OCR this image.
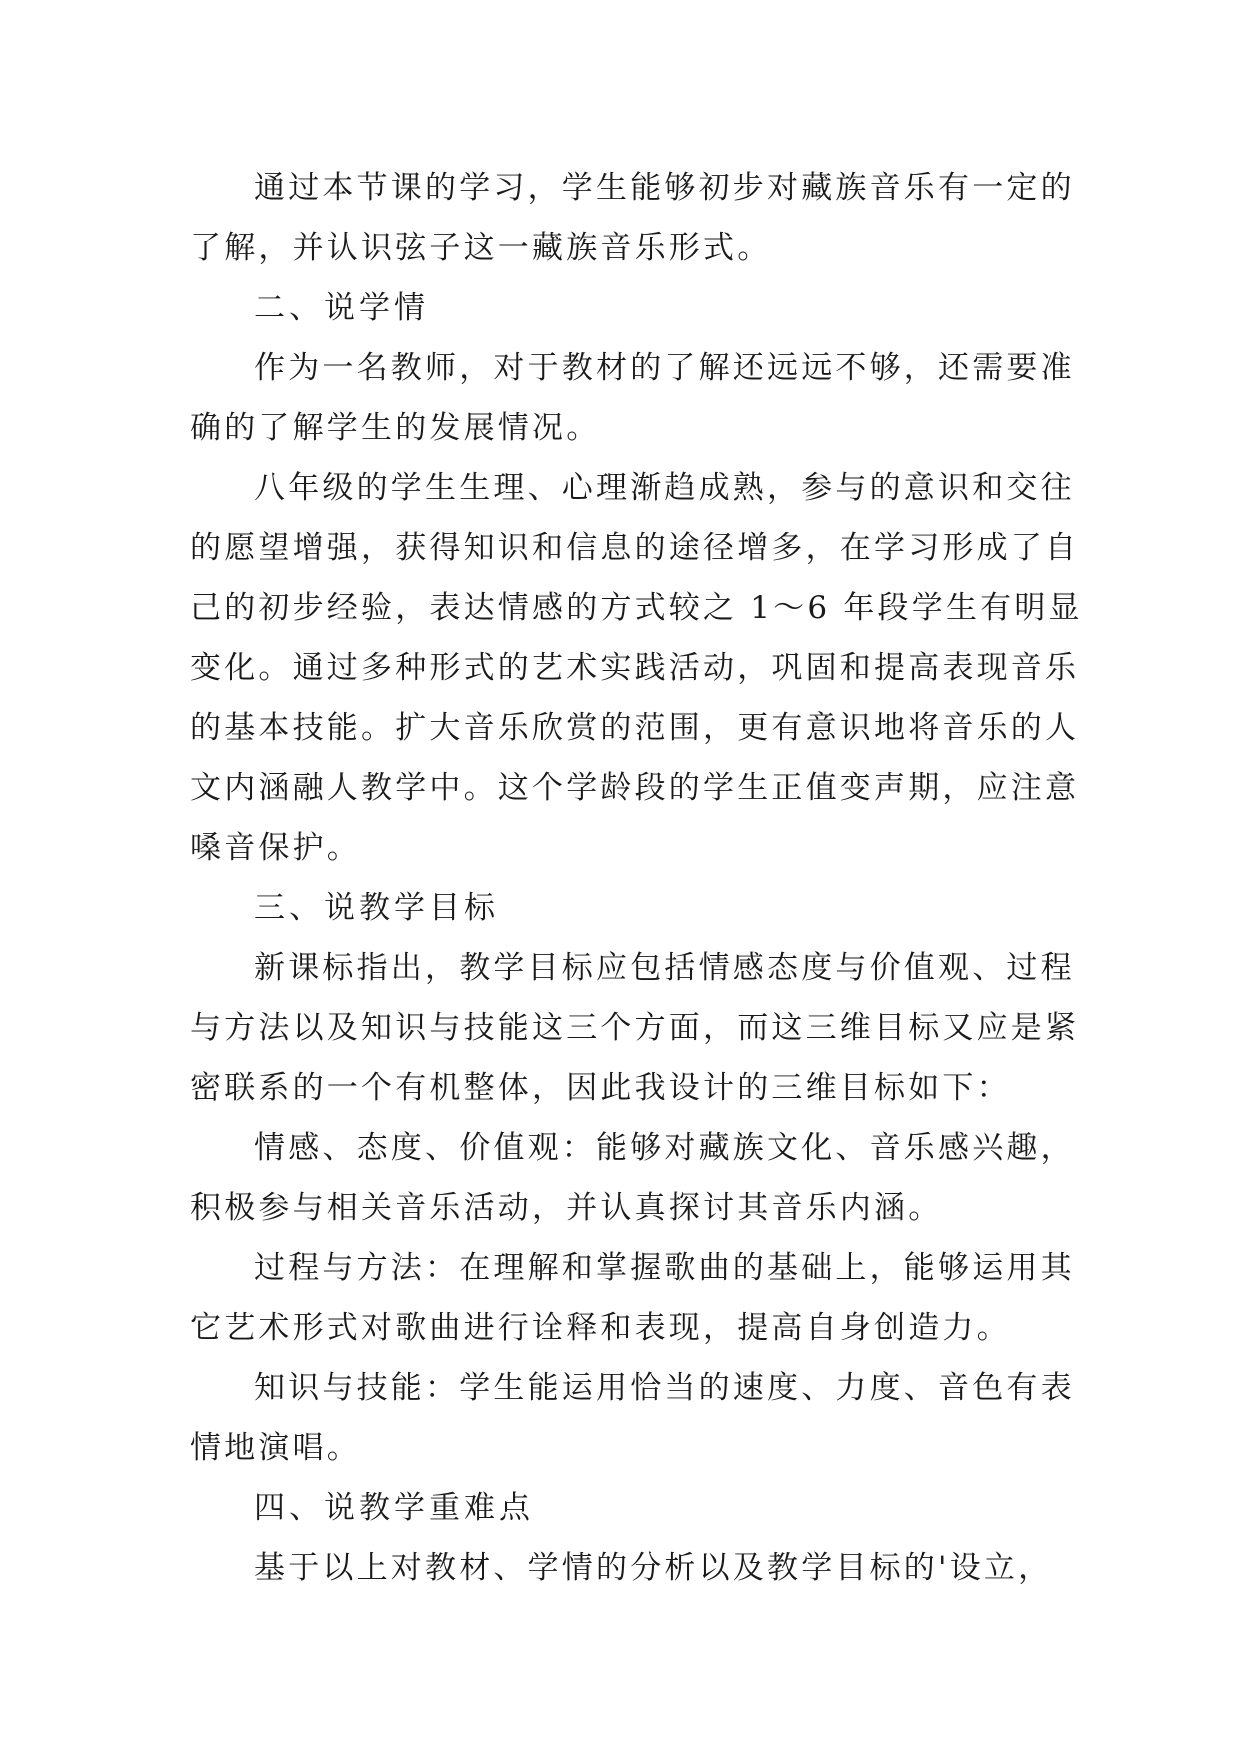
通过本节课的学习，学生能够初步对藏族音乐有一定的
了解，并认识弦子这一藏族音乐形式。
二、说学情
作为一名教师，对于教材的了解还远远不够，还需要准
确的了解学生的发展情况。
八年级的学生生理、心理渐趋成熟，参与的意识和交往
的愿望增强，获得知识和信息的途径增多，在学习形成了自
己的初步经验，表达情感的方式较之 1～6 年段学生有明显
变化。通过多种形式的艺术实践活动，巩固和提高表现音乐
的基本技能。扩大音乐欣赏的范围，更有意识地将音乐的人
文内涵融人教学中。这个学龄段的学生正值变声期，应注意
嗓音保护。
三、说教学目标
新课标指出，教学目标应包括情感态度与价值观、过程
与方法以及知识与技能这三个方面，而这三维目标又应是紧
密联系的一个有机整体，因此我设计的三维目标如下：
情感、态度、价值观：能够对藏族文化、音乐感兴趣，
积极参与相关音乐活动，并认真探讨其音乐内涵。
过程与方法：在理解和掌握歌曲的基础上，能够运用其
它艺术形式对歌曲进行诠释和表现，提高自身创造力。
知识与技能：学生能运用恰当的速度、力度、音色有表
情地演唱。
四、说教学重难点
基于以上对教材、学情的分析以及教学目标的'设立，
